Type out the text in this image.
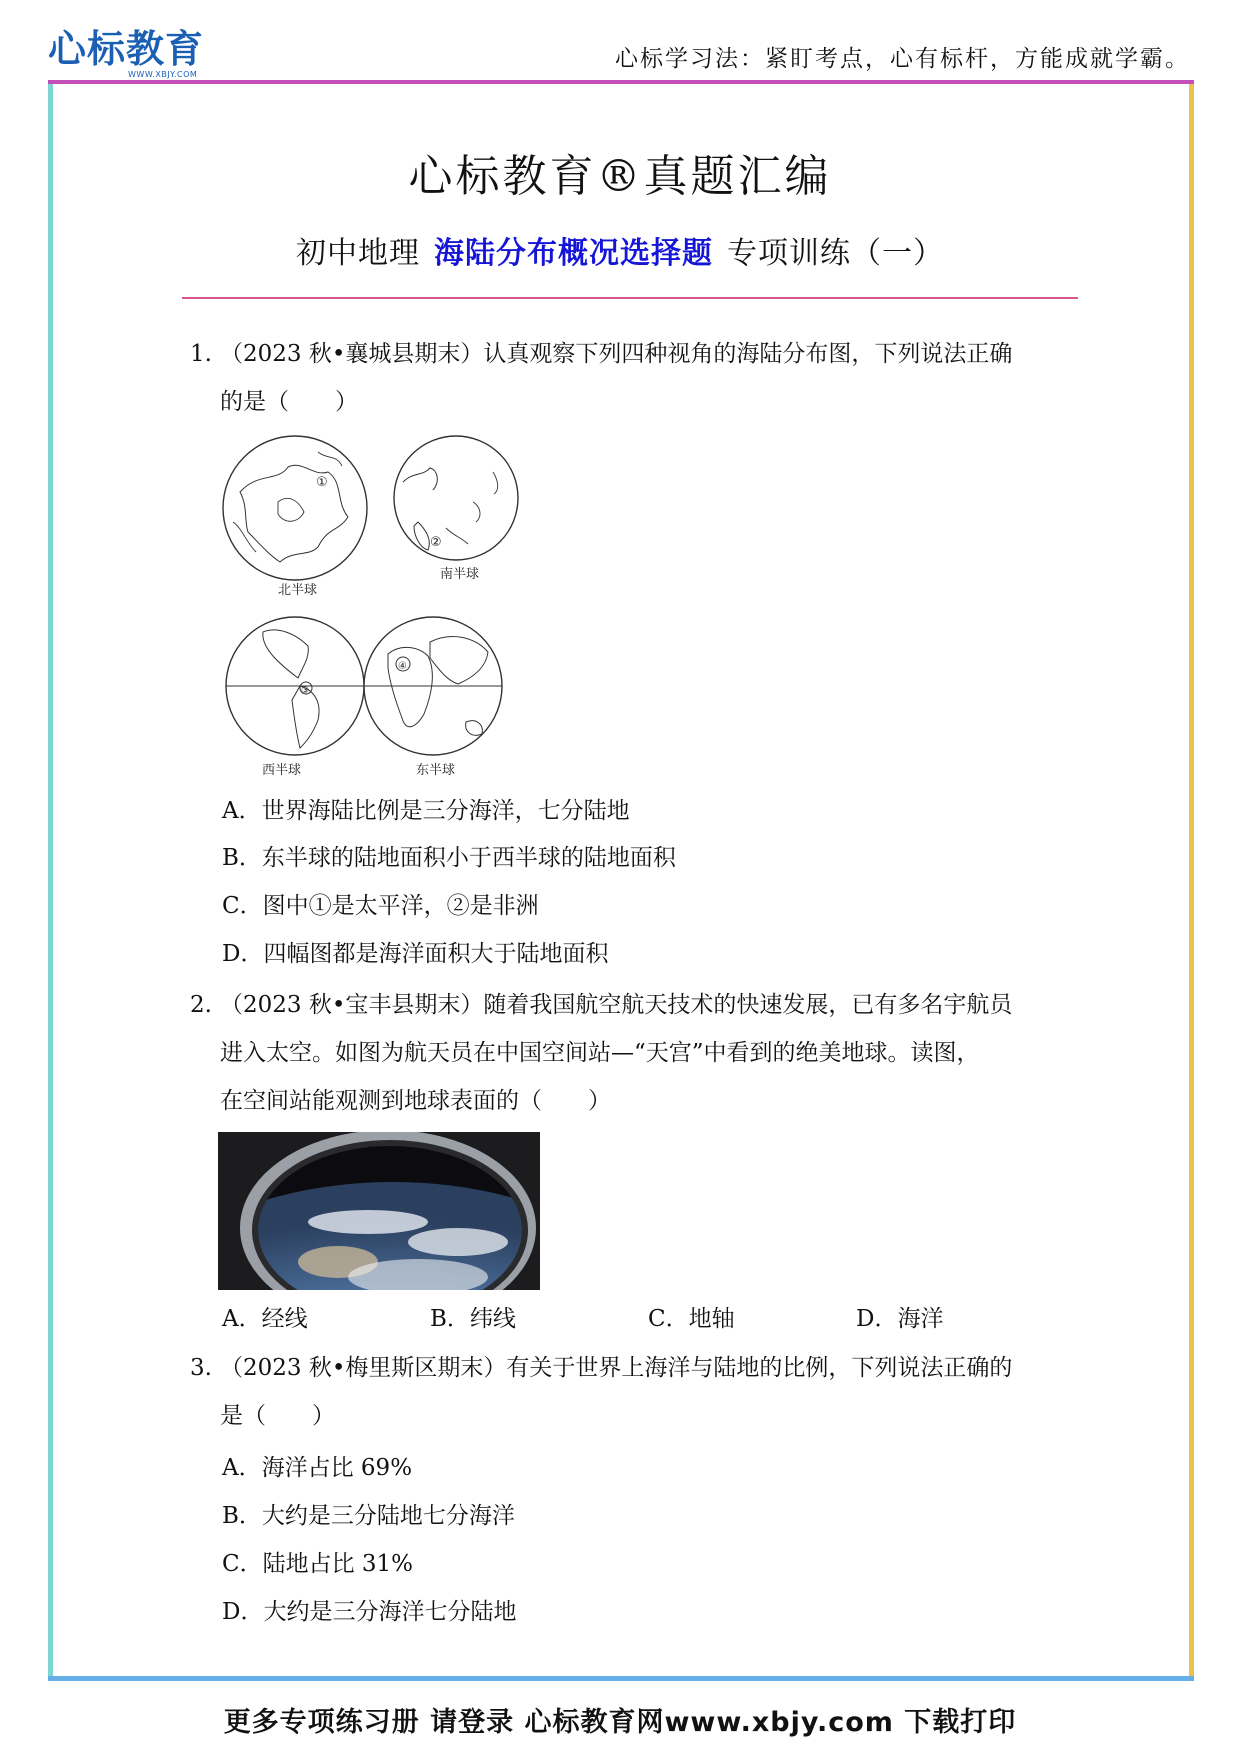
心标教育
WWW.XBJY.COM
心标学习法：紧盯考点，心有标杆，方能成就学霸。
心标教育®真题汇编
初中地理 海陆分布概况选择题 专项训练（一）
1. （2023 秋•襄城县期末）认真观察下列四种视角的海陆分布图，下列说法正确
的是（　　）
①
北半球
②
南半球
③
西半球
④
东半球
A．世界海陆比例是三分海洋，七分陆地
B．东半球的陆地面积小于西半球的陆地面积
C．图中①是太平洋，②是非洲
D．四幅图都是海洋面积大于陆地面积
2. （2023 秋•宝丰县期末）随着我国航空航天技术的快速发展，已有多名宇航员
进入太空。如图为航天员在中国空间站—“天宫”中看到的绝美地球。读图，
在空间站能观测到地球表面的（　　）
A．经线	B．纬线	C．地轴	D．海洋
3. （2023 秋•梅里斯区期末）有关于世界上海洋与陆地的比例，下列说法正确的
是（　　）
A．海洋占比 69%
B．大约是三分陆地七分海洋
C．陆地占比 31%
D．大约是三分海洋七分陆地
更多专项练习册 请登录 心标教育网www.xbjy.com 下载打印
